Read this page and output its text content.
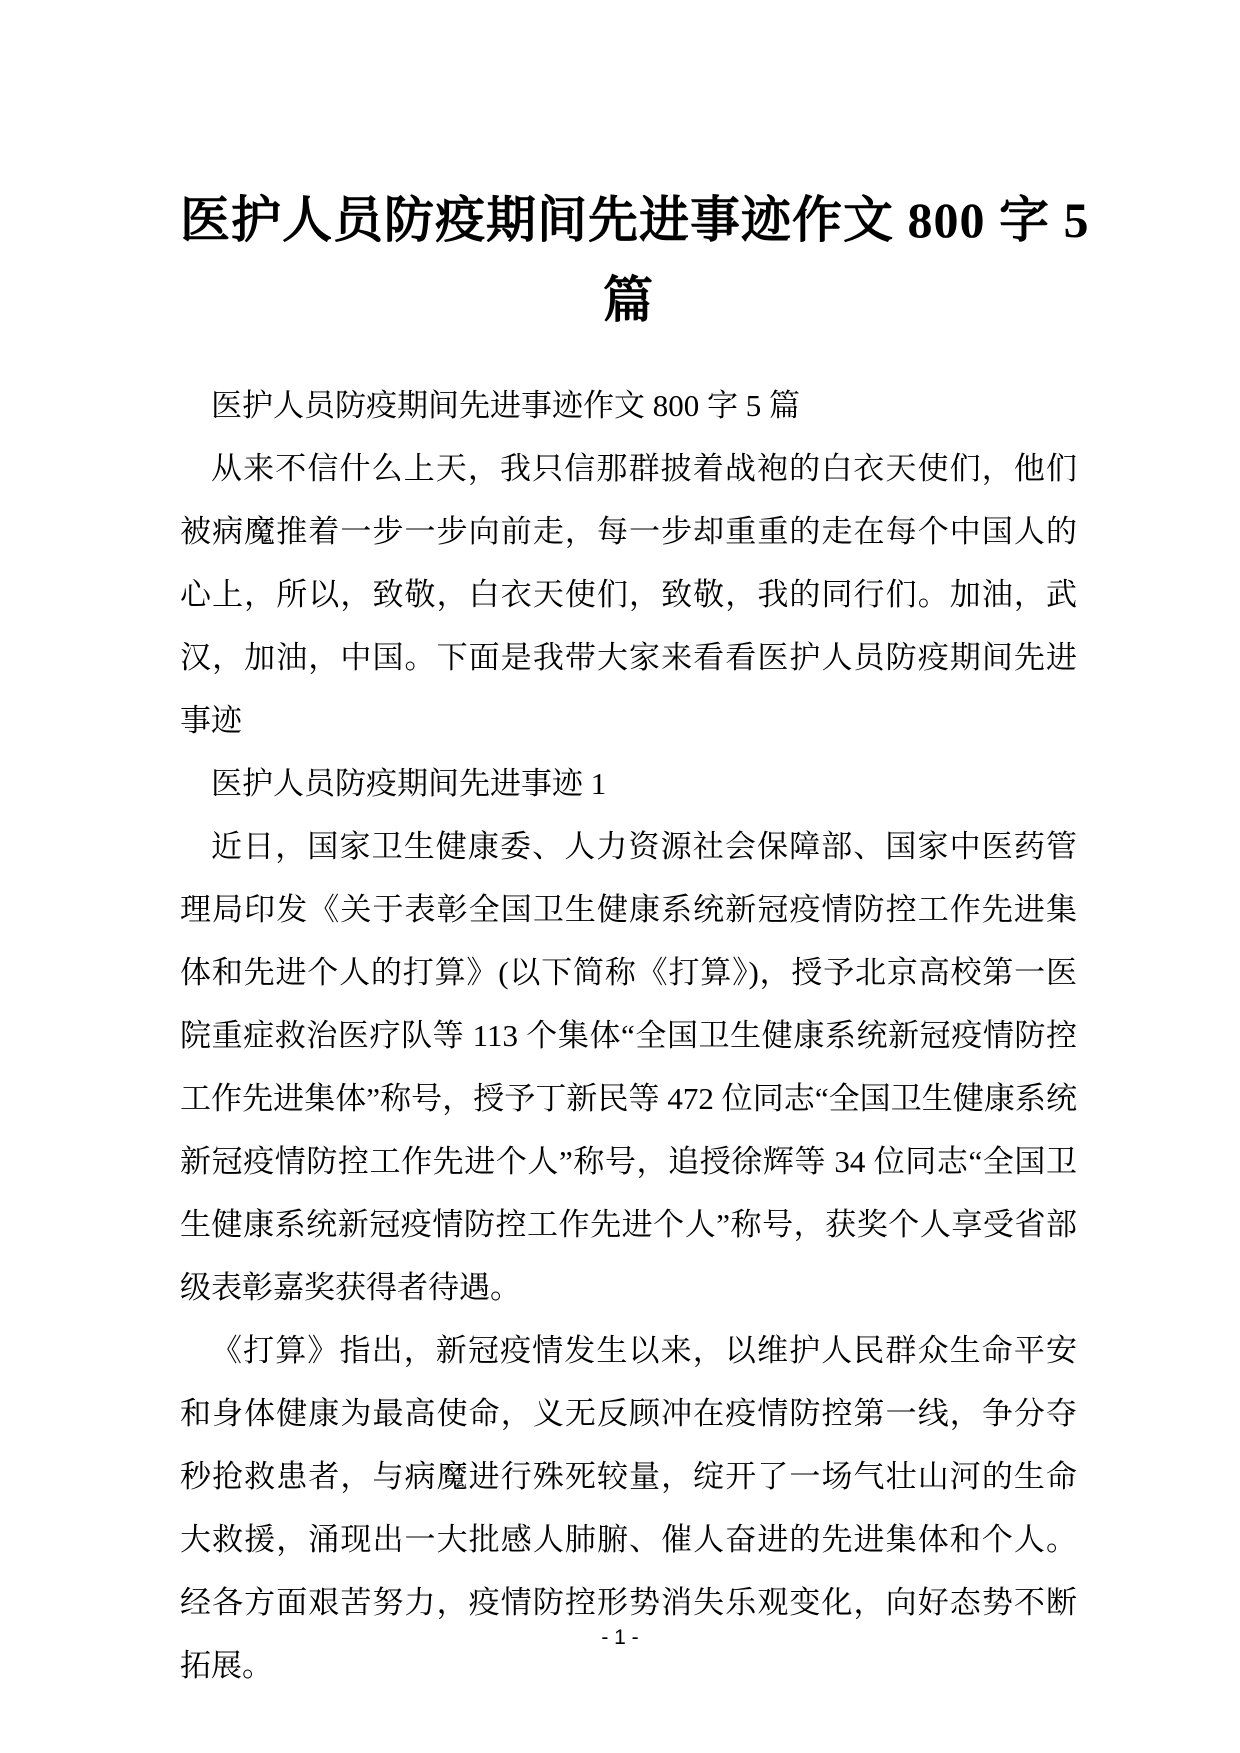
医护人员防疫期间先进事迹作文 800 字 5
篇

医护人员防疫期间先进事迹作文 800 字 5 篇

从来不信什么上天，我只信那群披着战袍的白衣天使们，他们被病魔推着一步一步向前走，每一步却重重的走在每个中国人的心上，所以，致敬，白衣天使们，致敬，我的同行们。加油，武汉，加油，中国。下面是我带大家来看看医护人员防疫期间先进事迹

医护人员防疫期间先进事迹 1

近日，国家卫生健康委、人力资源社会保障部、国家中医药管理局印发《关于表彰全国卫生健康系统新冠疫情防控工作先进集体和先进个人的打算》(以下简称《打算》)，授予北京高校第一医院重症救治医疗队等 113 个集体“全国卫生健康系统新冠疫情防控工作先进集体”称号，授予丁新民等 472 位同志“全国卫生健康系统新冠疫情防控工作先进个人”称号，追授徐辉等 34 位同志“全国卫生健康系统新冠疫情防控工作先进个人”称号，获奖个人享受省部级表彰嘉奖获得者待遇。

《打算》指出，新冠疫情发生以来，以维护人民群众生命平安和身体健康为最高使命，义无反顾冲在疫情防控第一线，争分夺秒抢救患者，与病魔进行殊死较量，绽开了一场气壮山河的生命大救援，涌现出一大批感人肺腑、催人奋进的先进集体和个人。经各方面艰苦努力，疫情防控形势消失乐观变化，向好态势不断拓展。

- 1 -
